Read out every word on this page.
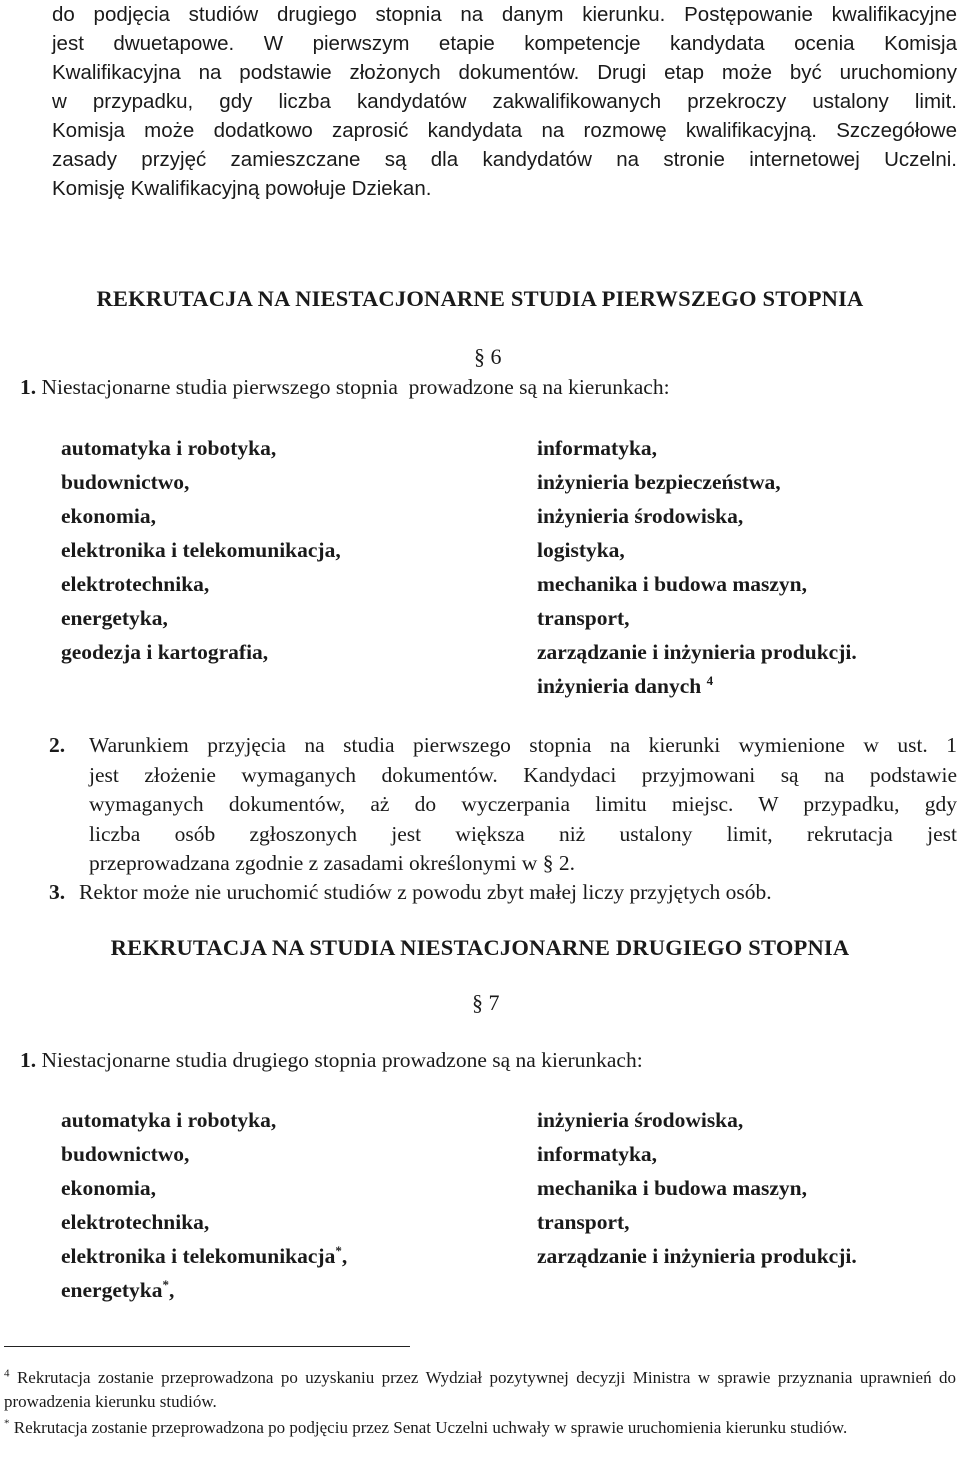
do podjęcia studiów drugiego stopnia na danym kierunku. Postępowanie kwalifikacyjne
jest dwuetapowe. W pierwszym etapie kompetencje kandydata ocenia Komisja
Kwalifikacyjna na podstawie złożonych dokumentów. Drugi etap może być uruchomiony
w przypadku, gdy liczba kandydatów zakwalifikowanych przekroczy ustalony limit.
Komisja może dodatkowo zaprosić kandydata na rozmowę kwalifikacyjną. Szczegółowe
zasady przyjęć zamieszczane są dla kandydatów na stronie internetowej Uczelni.
Komisję Kwalifikacyjną powołuje Dziekan.
REKRUTACJA NA NIESTACJONARNE STUDIA PIERWSZEGO STOPNIA
§ 6
1. Niestacjonarne studia pierwszego stopnia  prowadzone są na kierunkach:
automatyka i robotyka,
budownictwo,
ekonomia,
elektronika i telekomunikacja,
elektrotechnika,
energetyka,
geodezja i kartografia,
informatyka,
inżynieria bezpieczeństwa,
inżynieria środowiska,
logistyka,
mechanika i budowa maszyn,
transport,
zarządzanie i inżynieria produkcji.
inżynieria danych $^4$
2. Warunkiem przyjęcia na studia pierwszego stopnia na kierunki wymienione w ust. 1
jest złożenie wymaganych dokumentów. Kandydaci przyjmowani są na podstawie
wymaganych dokumentów, aż do wyczerpania limitu miejsc. W przypadku, gdy
liczba osób zgłoszonych jest większa niż ustalony limit, rekrutacja jest
przeprowadzana zgodnie z zasadami określonymi w § 2.
3. Rektor może nie uruchomić studiów z powodu zbyt małej liczy przyjętych osób.
REKRUTACJA NA STUDIA NIESTACJONARNE DRUGIEGO STOPNIA
§ 7
1. Niestacjonarne studia drugiego stopnia prowadzone są na kierunkach:
automatyka i robotyka,
budownictwo,
ekonomia,
elektrotechnika,
elektronika i telekomunikacja*,
energetyka*,
inżynieria środowiska,
informatyka,
mechanika i budowa maszyn,
transport,
zarządzanie i inżynieria produkcji.
$^4$ Rekrutacja zostanie przeprowadzona po uzyskaniu przez Wydział pozytywnej decyzji Ministra w sprawie przyznania uprawnień do prowadzenia kierunku studiów.
* Rekrutacja zostanie przeprowadzona po podjęciu przez Senat Uczelni uchwały w sprawie uruchomienia kierunku studiów.
